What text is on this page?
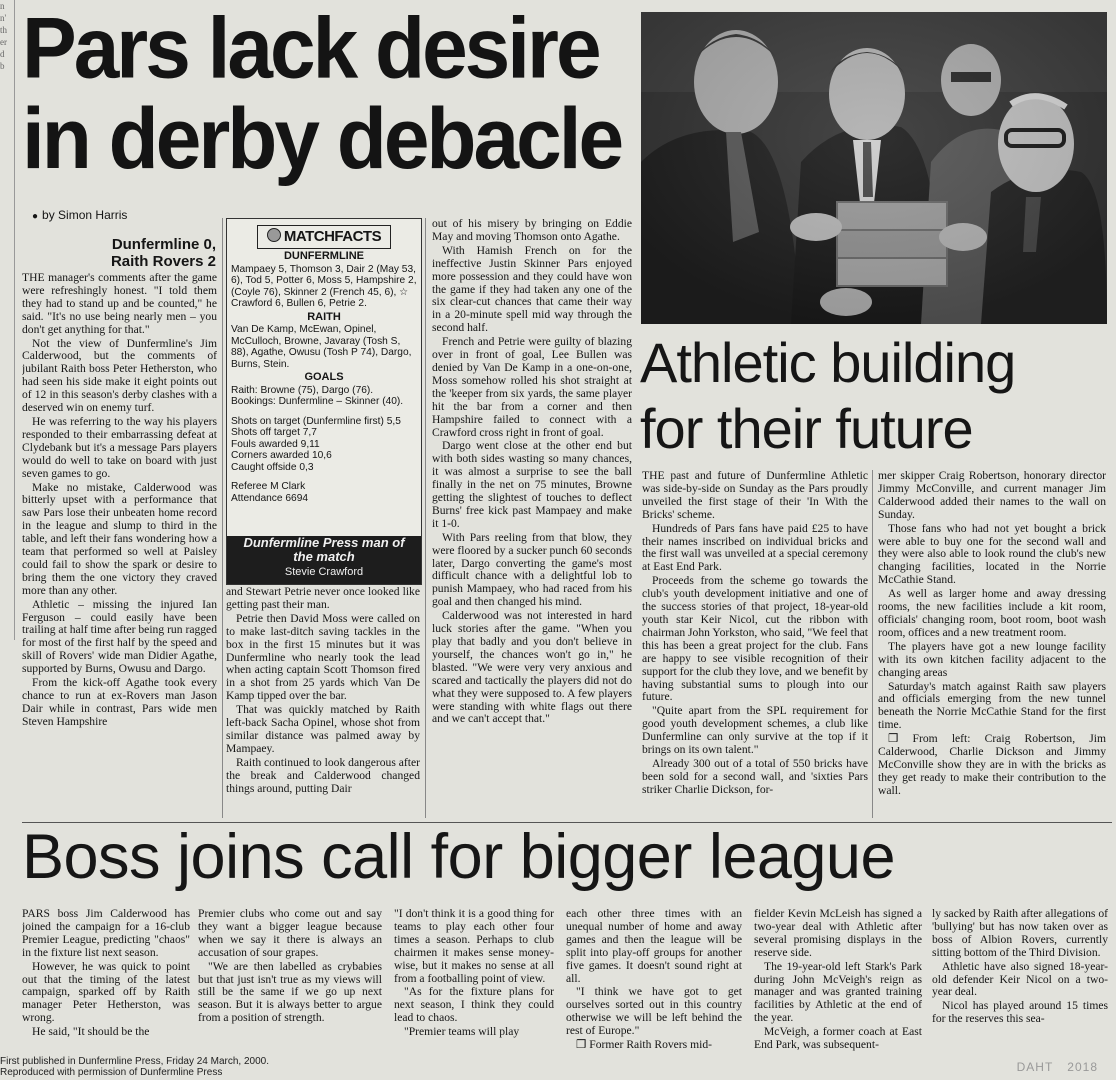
n
n'
th
er
d
b Pars lack desire
in derby debacle
● by Simon Harris
Dunfermline 0,
Raith Rovers 2

THE manager's comments after the game were refreshingly honest. "I told them they had to stand up and be counted," he said. "It's no use being nearly men – you don't get anything for that."

Not the view of Dunfermline's Jim Calderwood, but the comments of jubilant Raith boss Peter Hetherston, who had seen his side make it eight points out of 12 in this season's derby clashes with a deserved win on enemy turf.

He was referring to the way his players responded to their embarrassing defeat at Clydebank but it's a message Pars players would do well to take on board with just seven games to go.

Make no mistake, Calderwood was bitterly upset with a performance that saw Pars lose their unbeaten home record in the league and slump to third in the table, and left their fans wondering how a team that performed so well at Paisley could fail to show the spark or desire to bring them the one victory they craved more than any other.

Athletic – missing the injured Ian Ferguson – could easily have been trailing at half time after being run ragged for most of the first half by the speed and skill of Rovers' wide man Didier Agathe, supported by Burns, Owusu and Dargo.

From the kick-off Agathe took every chance to run at ex-Rovers man Jason Dair while in contrast, Pars wide men Steven Hampshire

MATCHFACTS
DUNFERMLINE

Mampaey 5, Thomson 3, Dair 2 (May 53, 6), Tod 5, Potter 6, Moss 5, Hampshire 2, (Coyle 76), Skinner 2 (French 45, 6), ☆ Crawford 6, Bullen 6, Petrie 2.

RAITH

Van De Kamp, McEwan, Opinel, McCulloch, Browne, Javaray (Tosh S, 88), Agathe, Owusu (Tosh P 74), Dargo, Burns, Stein.

GOALS

Raith: Browne (75), Dargo (76).

Bookings: Dunfermline – Skinner (40).

Shots on target (Dunfermline first) 5,5

Shots off target 7,7

Fouls awarded 9,11

Corners awarded 10,6

Caught offside 0,3

Referee M Clark

Attendance 6694

Dunfermline Press man of
the match
Stevie Crawford

and Stewart Petrie never once looked like getting past their man.

Petrie then David Moss were called on to make last-ditch saving tackles in the box in the first 15 minutes but it was Dunfermline who nearly took the lead when acting captain Scott Thomson fired in a shot from 25 yards which Van De Kamp tipped over the bar.

That was quickly matched by Raith left-back Sacha Opinel, whose shot from similar distance was palmed away by Mampaey.

Raith continued to look dangerous after the break and Calderwood changed things around, putting Dair

out of his misery by bringing on Eddie May and moving Thomson onto Agathe.

With Hamish French on for the ineffective Justin Skinner Pars enjoyed more possession and they could have won the game if they had taken any one of the six clear-cut chances that came their way in a 20-minute spell mid way through the second half.

French and Petrie were guilty of blazing over in front of goal, Lee Bullen was denied by Van De Kamp in a one-on-one, Moss somehow rolled his shot straight at the 'keeper from six yards, the same player hit the bar from a corner and then Hampshire failed to connect with a Crawford cross right in front of goal.

Dargo went close at the other end but with both sides wasting so many chances, it was almost a surprise to see the ball finally in the net on 75 minutes, Browne getting the slightest of touches to deflect Burns' free kick past Mampaey and make it 1-0.

With Pars reeling from that blow, they were floored by a sucker punch 60 seconds later, Dargo converting the game's most difficult chance with a delightful lob to punish Mampaey, who had raced from his goal and then changed his mind.

Calderwood was not interested in hard luck stories after the game. "When you play that badly and you don't believe in yourself, the chances won't go in," he blasted. "We were very very anxious and scared and tactically the players did not do what they were supposed to. A few players were standing with white flags out there and we can't accept that."

Athletic building
for their future

THE past and future of Dunfermline Athletic was side-by-side on Sunday as the Pars proudly unveiled the first stage of their 'In With the Bricks' scheme.

Hundreds of Pars fans have paid £25 to have their names inscribed on individual bricks and the first wall was unveiled at a special ceremony at East End Park.

Proceeds from the scheme go towards the club's youth development initiative and one of the success stories of that project, 18-year-old youth star Keir Nicol, cut the ribbon with chairman John Yorkston, who said, "We feel that this has been a great project for the club. Fans are happy to see visible recognition of their support for the club they love, and we benefit by having substantial sums to plough into our future.

"Quite apart from the SPL requirement for good youth development schemes, a club like Dunfermline can only survive at the top if it brings on its own talent."

Already 300 out of a total of 550 bricks have been sold for a second wall, and 'sixties Pars striker Charlie Dickson, for-

mer skipper Craig Robertson, honorary director Jimmy McConville, and current manager Jim Calderwood added their names to the wall on Sunday.

Those fans who had not yet bought a brick were able to buy one for the second wall and they were also able to look round the club's new changing facilities, located in the Norrie McCathie Stand.

As well as larger home and away dressing rooms, the new facilities include a kit room, officials' changing room, boot room, boot wash room, offices and a new treatment room.

The players have got a new lounge facility with its own kitchen facility adjacent to the changing areas

Saturday's match against Raith saw players and officials emerging from the new tunnel beneath the Norrie McCathie Stand for the first time.

❒ From left: Craig Robertson, Jim Calderwood, Charlie Dickson and Jimmy McConville show they are in with the bricks as they get ready to make their contribution to the wall.

Boss joins call for bigger league

PARS boss Jim Calderwood has joined the campaign for a 16-club Premier League, predicting "chaos" in the fixture list next season.

However, he was quick to point out that the timing of the latest campaign, sparked off by Raith manager Peter Hetherston, was wrong.

He said, "It should be the

Premier clubs who come out and say they want a bigger league because when we say it there is always an accusation of sour grapes.

"We are then labelled as crybabies but that just isn't true as my views will still be the same if we go up next season. But it is always better to argue from a position of strength.

"I don't think it is a good thing for teams to play each other four times a season. Perhaps to club chairmen it makes sense money-wise, but it makes no sense at all from a footballing point of view.

"As for the fixture plans for next season, I think they could lead to chaos.

"Premier teams will play

each other three times with an unequal number of home and away games and then the league will be split into play-off groups for another five games. It doesn't sound right at all.

"I think we have got to get ourselves sorted out in this country otherwise we will be left behind the rest of Europe."

❒ Former Raith Rovers mid-

fielder Kevin McLeish has signed a two-year deal with Athletic after several promising displays in the reserve side.

The 19-year-old left Stark's Park during John McVeigh's reign as manager and was granted training facilities by Athletic at the end of the year.

McVeigh, a former coach at East End Park, was subsequent-

ly sacked by Raith after allegations of 'bullying' but has now taken over as boss of Albion Rovers, currently sitting bottom of the Third Division.

Athletic have also signed 18-year-old defender Keir Nicol on a two-year deal.

Nicol has played around 15 times for the reserves this sea-

First published in Dunfermline Press, Friday 24 March, 2000.
Reproduced with permission of Dunfermline Press	DAHT 2018
